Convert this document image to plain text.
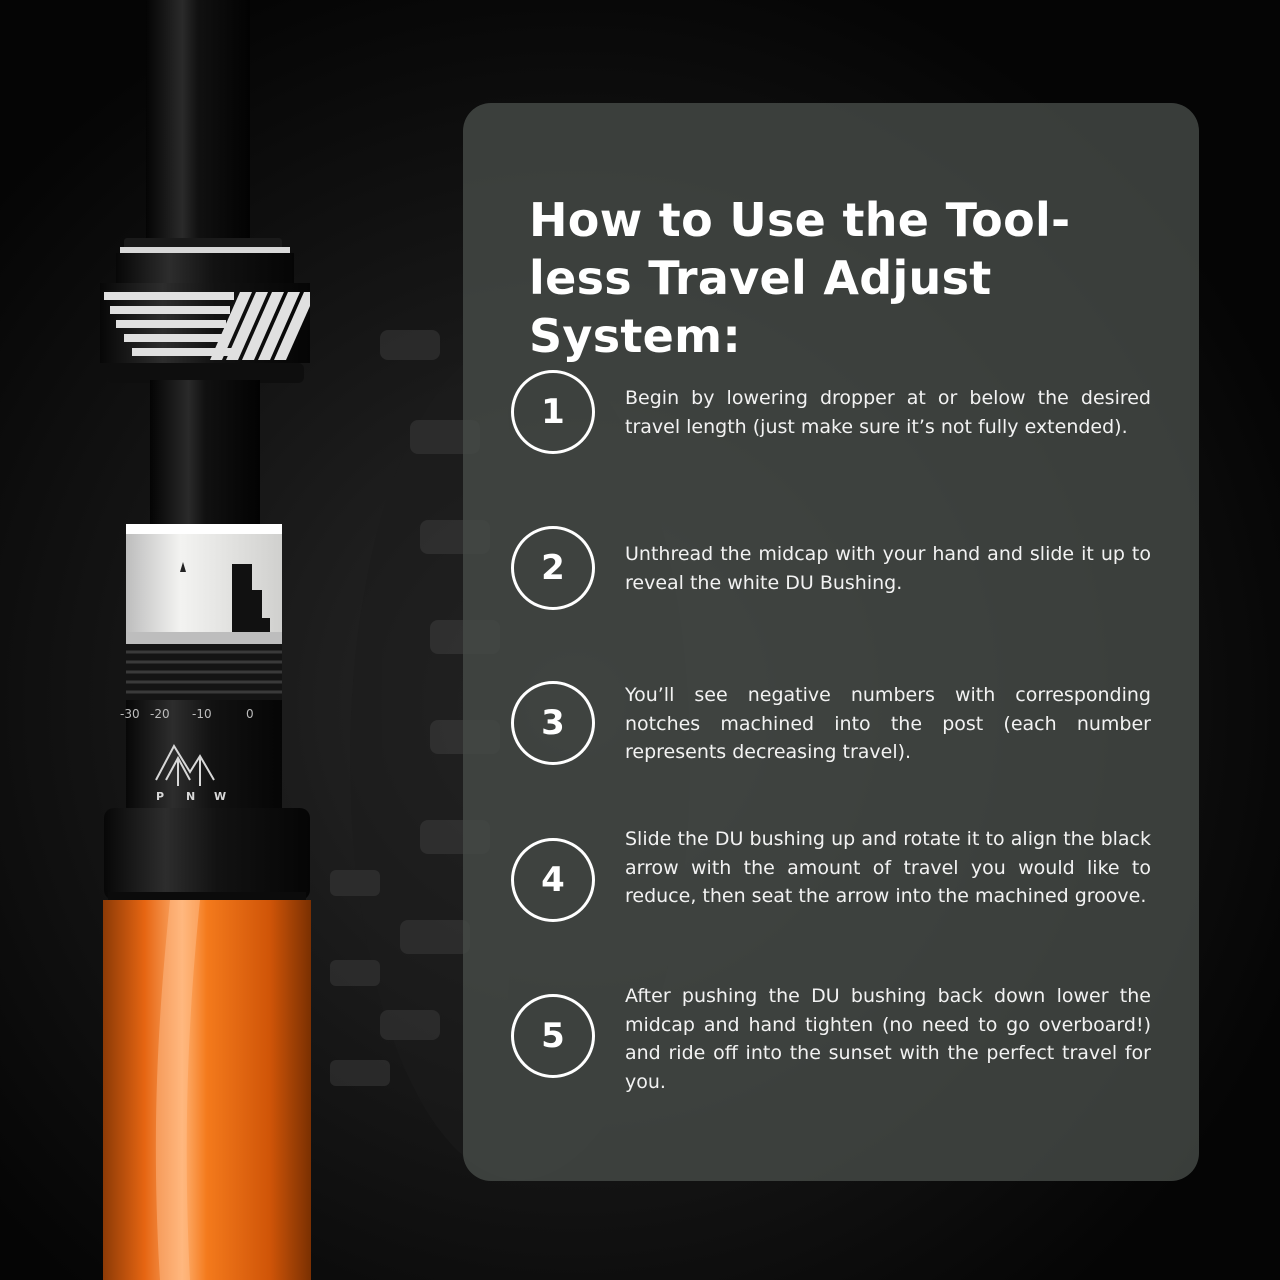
-30 -20 -10	0
P N W
How to Use the Tool-less Travel Adjust System:
1	Begin by lowering dropper at or below the desired travel length (just make sure it’s not fully extended).

2	Unthread the midcap with your hand and slide it up to reveal the white DU Bushing.

3

You’ll see negative numbers with corresponding notches machined into the post (each number represents decreasing travel).

4

Slide the DU bushing up and rotate it to align the black arrow with the amount of travel you would like to reduce, then seat the arrow into the machined groove.

5

After pushing the DU bushing back down lower the midcap and hand tighten (no need to go overboard!) and ride off into the sunset with the perfect travel for you.
